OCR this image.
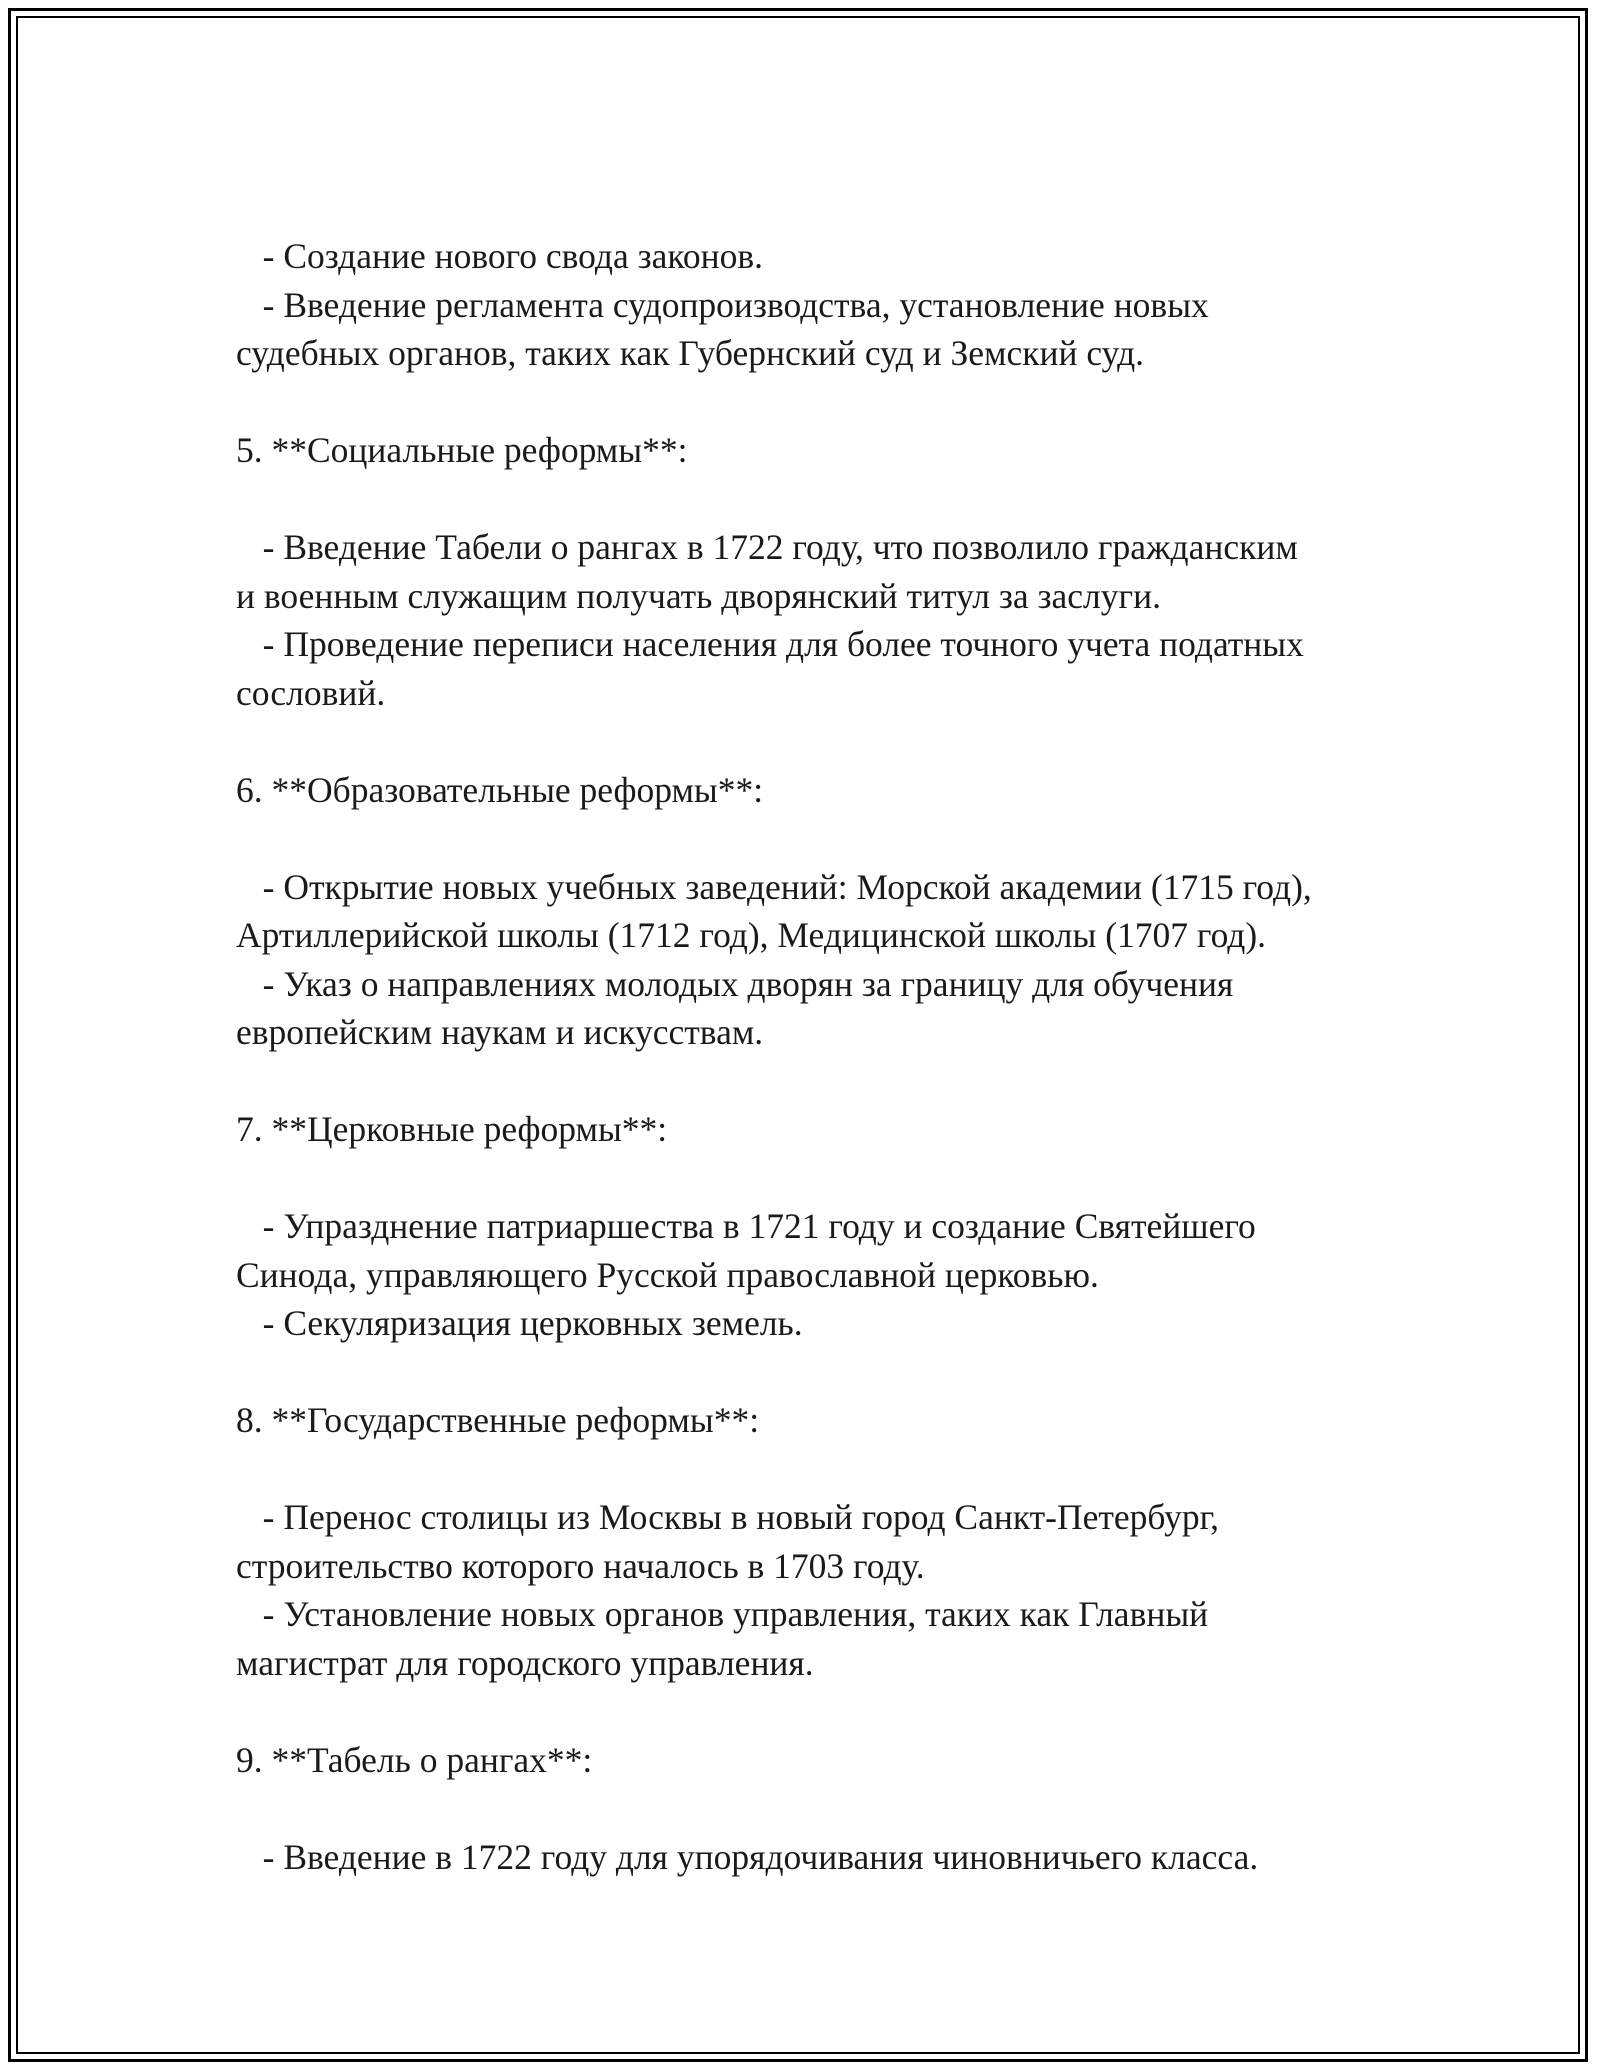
- Создание нового свода законов.
- Введение регламента судопроизводства, установление новых
судебных органов, таких как Губернский суд и Земский суд.
5. **Социальные реформы**:
- Введение Табели о рангах в 1722 году, что позволило гражданским
и военным служащим получать дворянский титул за заслуги.
- Проведение переписи населения для более точного учета податных
сословий.
6. **Образовательные реформы**:
- Открытие новых учебных заведений: Морской академии (1715 год),
Артиллерийской школы (1712 год), Медицинской школы (1707 год).
- Указ о направлениях молодых дворян за границу для обучения
европейским наукам и искусствам.
7. **Церковные реформы**:
- Упразднение патриаршества в 1721 году и создание Святейшего
Синода, управляющего Русской православной церковью.
- Секуляризация церковных земель.
8. **Государственные реформы**:
- Перенос столицы из Москвы в новый город Санкт-Петербург,
строительство которого началось в 1703 году.
- Установление новых органов управления, таких как Главный
магистрат для городского управления.
9. **Табель о рангах**:
- Введение в 1722 году для упорядочивания чиновничьего класса.
